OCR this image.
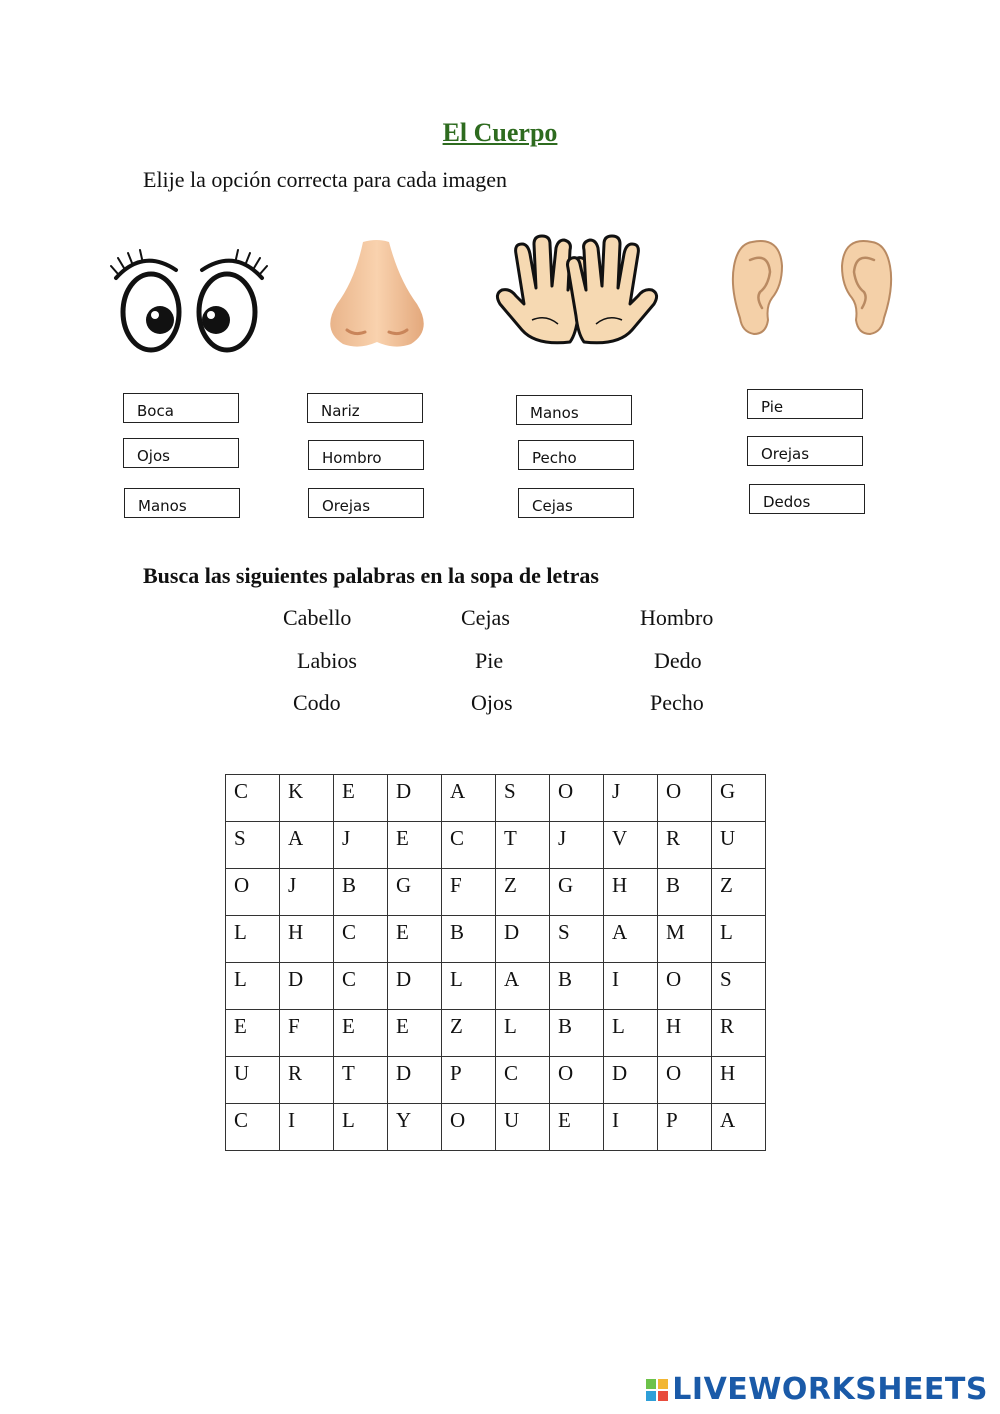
El Cuerpo
Elije la opción correcta para cada imagen
Boca
Ojos
Manos
Nariz
Hombro
Orejas
Manos
Pecho
Cejas
Pie
Orejas
Dedos
Busca las siguientes palabras en la sopa de letras
Cabello	Cejas	Hombro
Labios	Pie	Dedo
Codo	Ojos	Pecho
C	K	E	D	A	S	O	J	O	G
S	A	J	E	C	T	J	V	R	U
O	J	B	G	F	Z	G	H	B	Z
L	H	C	E	B	D	S	A	M	L
L	D	C	D	L	A	B	I	O	S
E	F	E	E	Z	L	B	L	H	R
U	R	T	D	P	C	O	D	O	H
C	I	L	Y	O	U	E	I	P	A
LIVEWORKSHEETS
